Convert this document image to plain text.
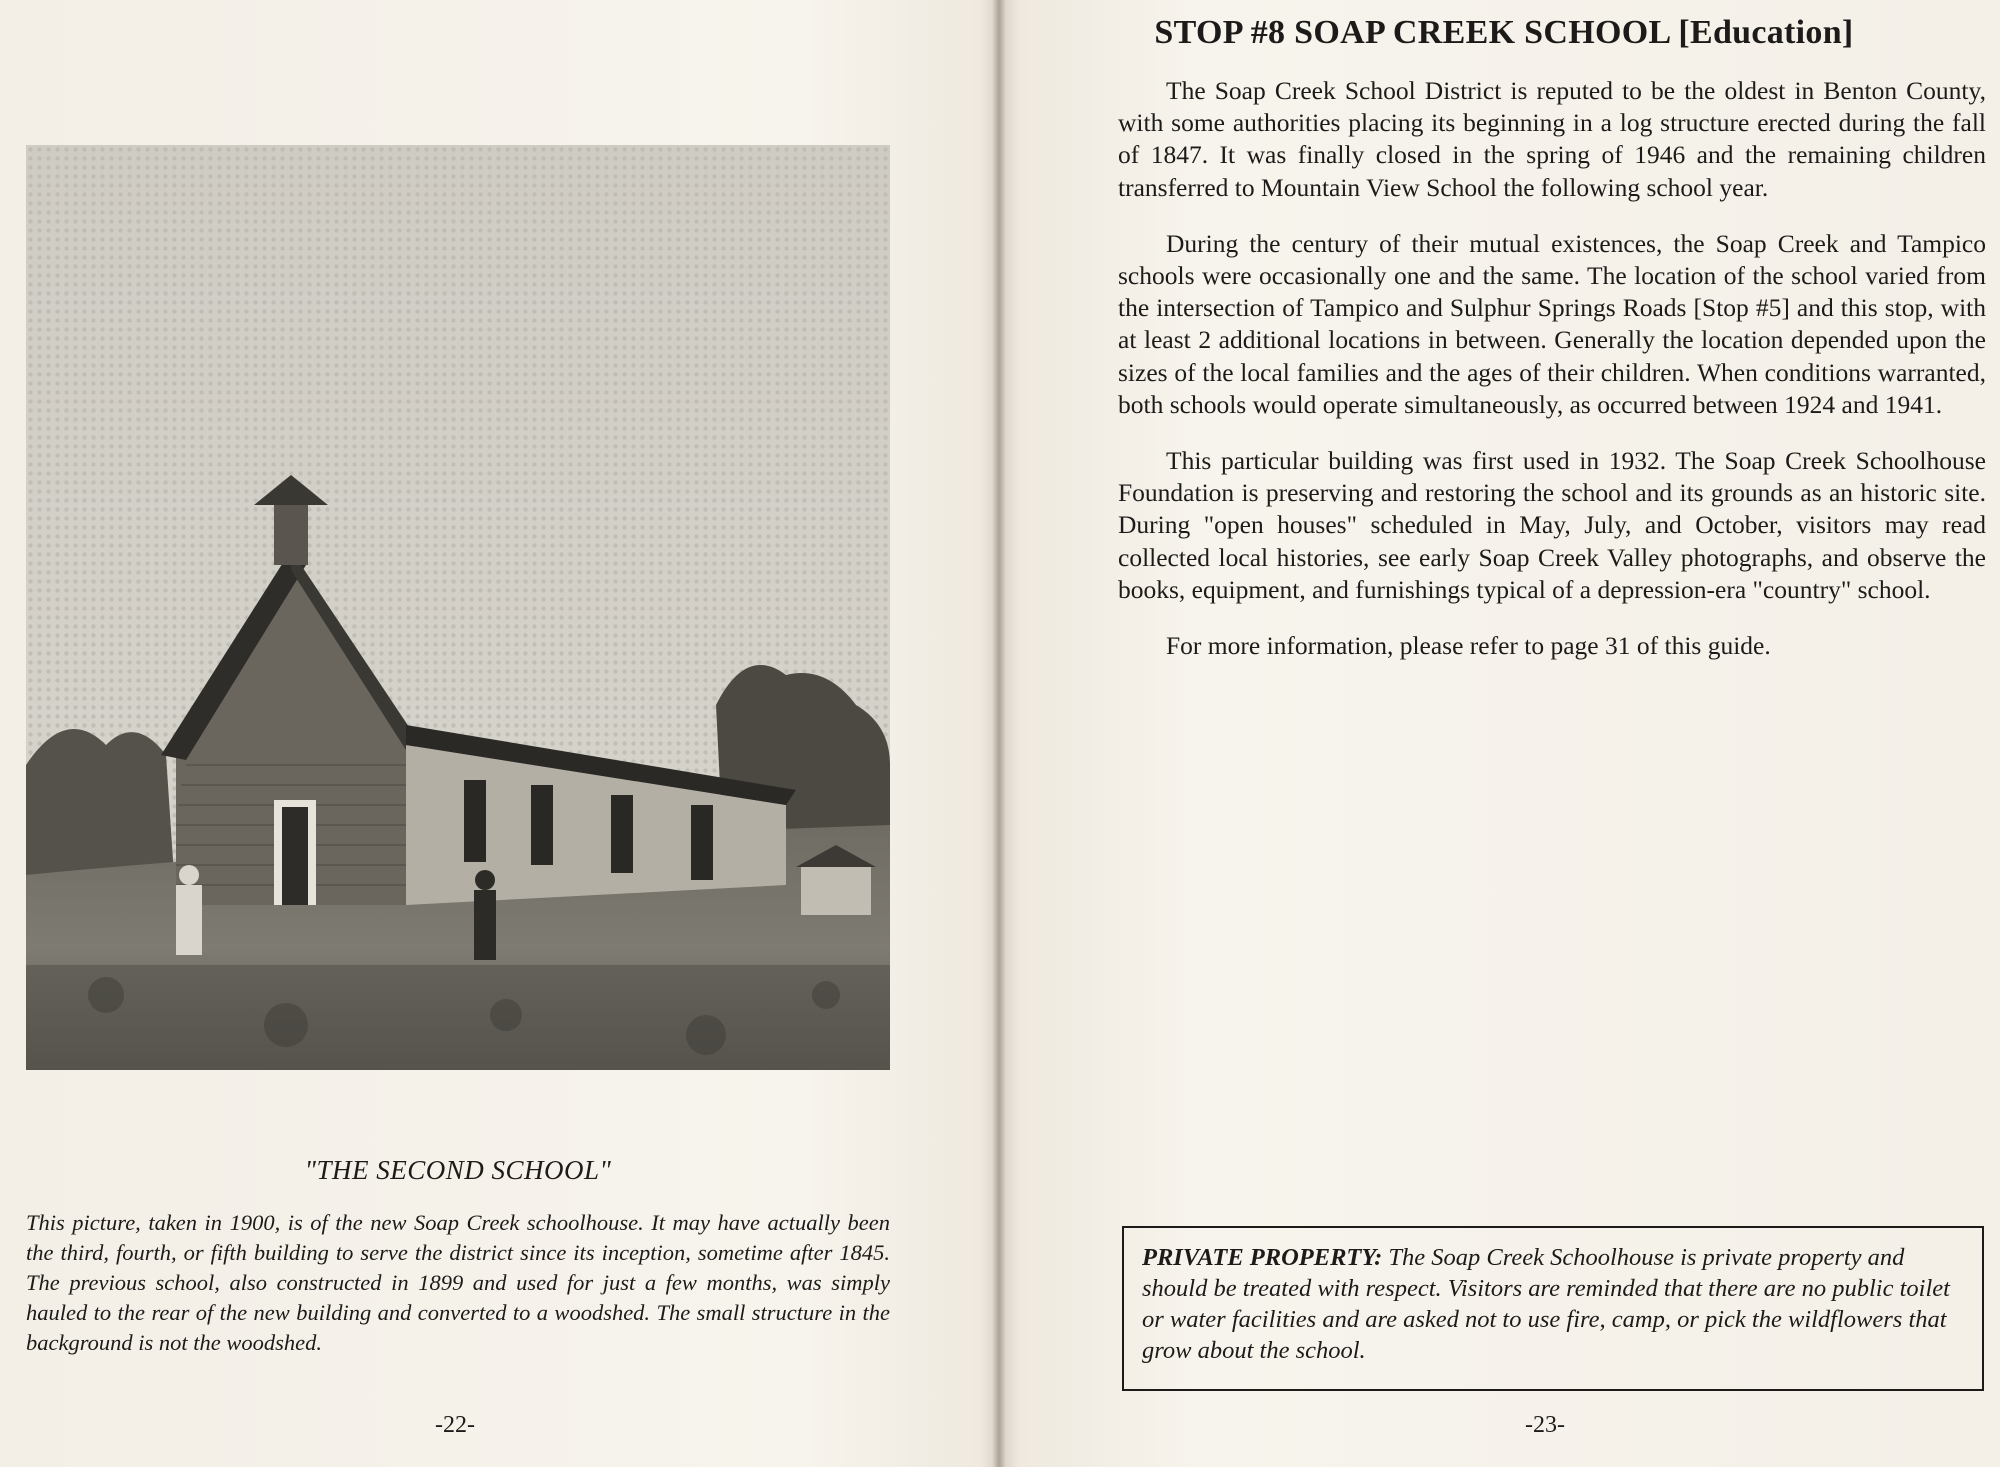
"THE SECOND SCHOOL"
This picture, taken in 1900, is of the new Soap Creek schoolhouse. It may have actually been the third, fourth, or fifth building to serve the district since its inception, sometime after 1845. The previous school, also constructed in 1899 and used for just a few months, was simply hauled to the rear of the new building and converted to a woodshed. The small structure in the background is not the woodshed.
-22-
STOP #8 SOAP CREEK SCHOOL [Education]

The Soap Creek School District is reputed to be the oldest in Benton County, with some authorities placing its beginning in a log structure erected during the fall of 1847. It was finally closed in the spring of 1946 and the remaining children transferred to Mountain View School the following school year.

During the century of their mutual existences, the Soap Creek and Tampico schools were occasionally one and the same. The location of the school varied from the intersection of Tampico and Sulphur Springs Roads [Stop #5] and this stop, with at least 2 additional locations in between. Generally the location depended upon the sizes of the local families and the ages of their children. When conditions warranted, both schools would operate simultaneously, as occurred between 1924 and 1941.

This particular building was first used in 1932. The Soap Creek Schoolhouse Foundation is preserving and restoring the school and its grounds as an historic site. During "open houses" scheduled in May, July, and October, visitors may read collected local histories, see early Soap Creek Valley photographs, and observe the books, equipment, and furnishings typical of a depression-era "country" school.

For more information, please refer to page 31 of this guide.

PRIVATE PROPERTY: The Soap Creek Schoolhouse is private property and should be treated with respect. Visitors are reminded that there are no public toilet or water facilities and are asked not to use fire, camp, or pick the wildflowers that grow about the school.
-23-
